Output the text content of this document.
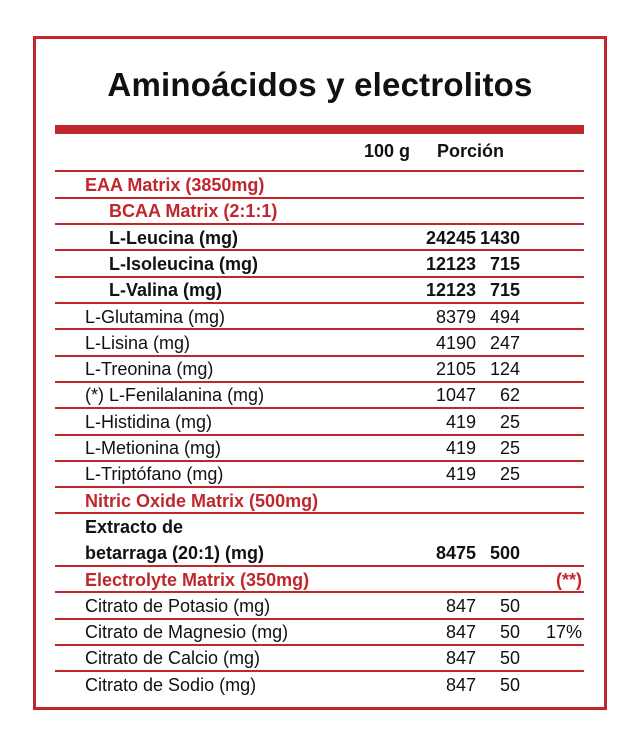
Aminoácidos y electrolitos
100 g Porción
EAA Matrix (3850mg)
BCAA Matrix (2:1:1)
L-Leucina (mg)	24245 1430
L-Isoleucina (mg)	12123 715
L-Valina (mg)	12123 715
L-Glutamina (mg)	8379 494
L-Lisina (mg)	4190 247
L-Treonina (mg)	2105 124
(*) L-Fenilalanina (mg)	1047 62
L-Histidina (mg)	419 25
L-Metionina (mg)	419 25
L-Triptófano (mg)	419 25
Nitric Oxide Matrix (500mg)
Extracto de
betarraga (20:1) (mg)	8475 500
Electrolyte Matrix (350mg)	(**)
Citrato de Potasio (mg)	847 50
Citrato de Magnesio (mg)	847 50 17%
Citrato de Calcio (mg)	847 50
Citrato de Sodio (mg)	847 50
